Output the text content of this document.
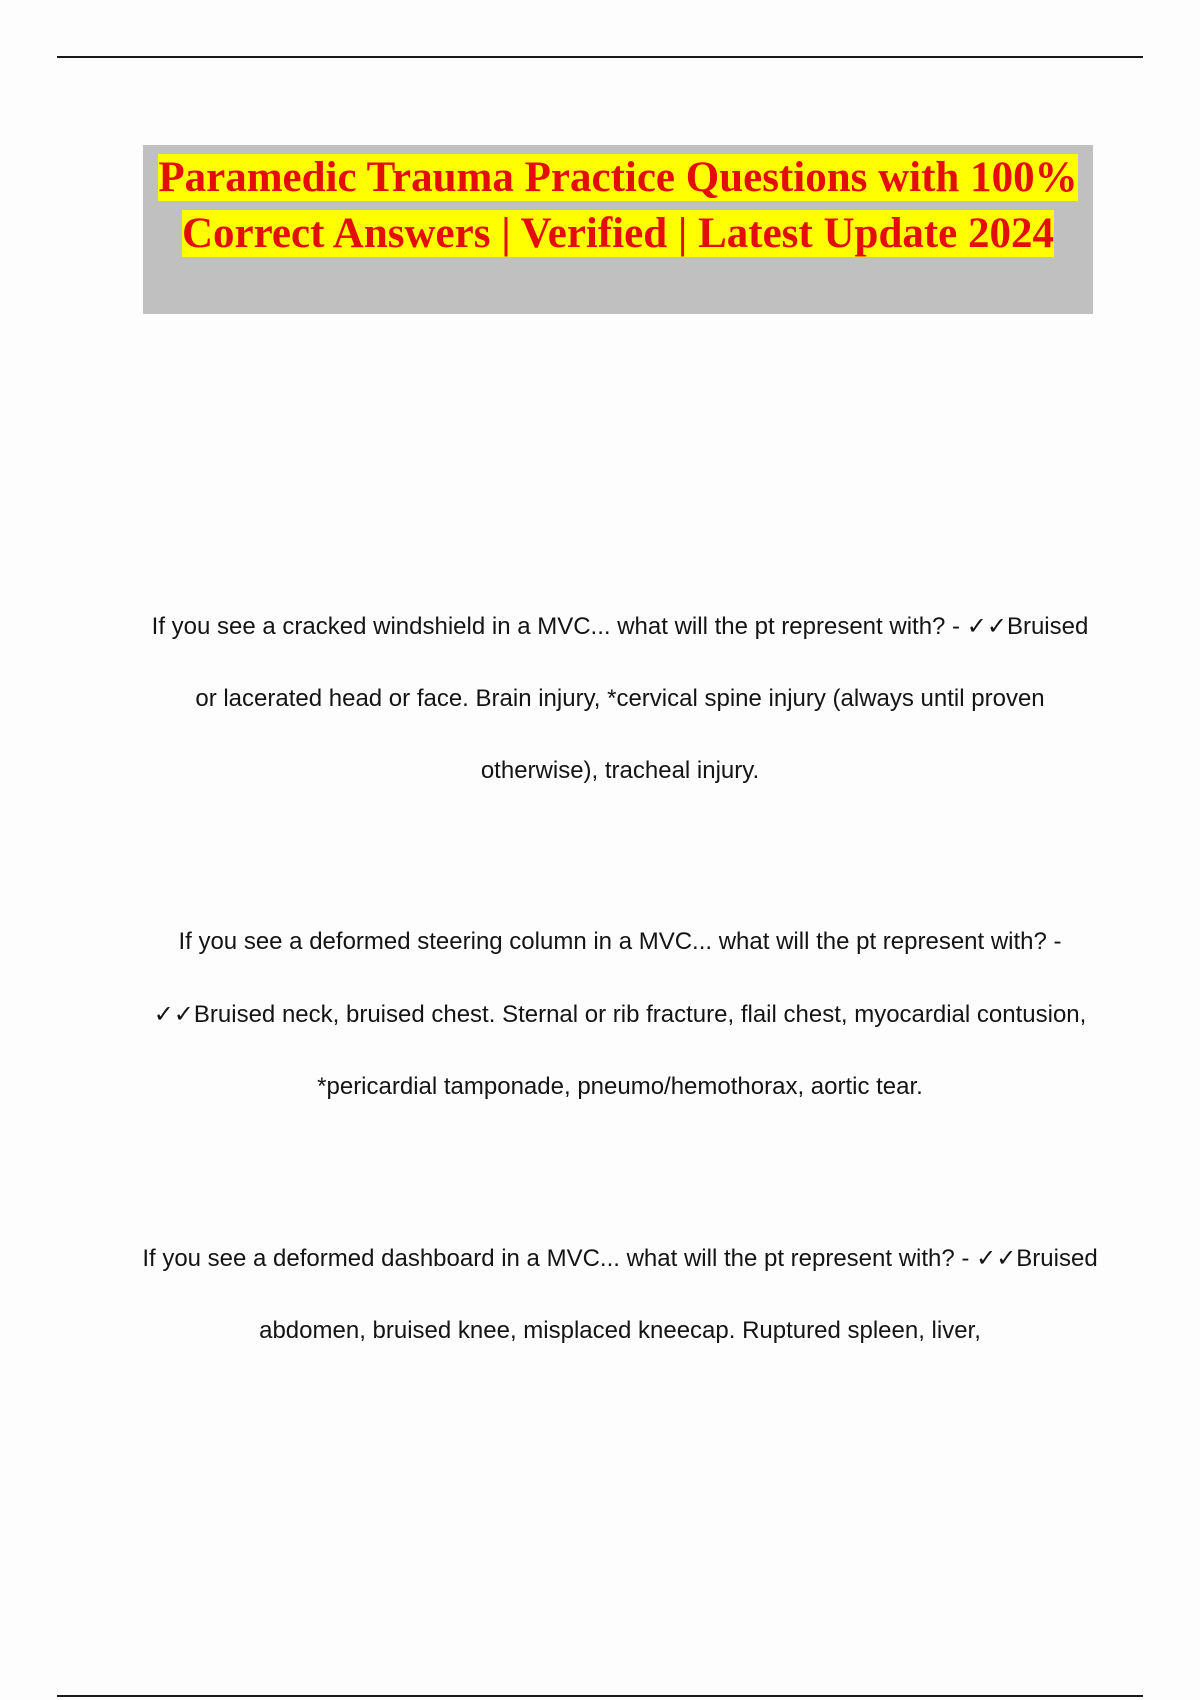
Paramedic Trauma Practice Questions with 100% Correct Answers | Verified | Latest Update 2024

If you see a cracked windshield in a MVC... what will the pt represent with? - ✓✓Bruised or lacerated head or face. Brain injury, *cervical spine injury (always until proven otherwise), tracheal injury.

If you see a deformed steering column in a MVC... what will the pt represent with? - ✓✓Bruised neck, bruised chest. Sternal or rib fracture, flail chest, myocardial contusion, *pericardial tamponade, pneumo/hemothorax, aortic tear.

If you see a deformed dashboard in a MVC... what will the pt represent with? - ✓✓Bruised abdomen, bruised knee, misplaced kneecap. Ruptured spleen, liver,
